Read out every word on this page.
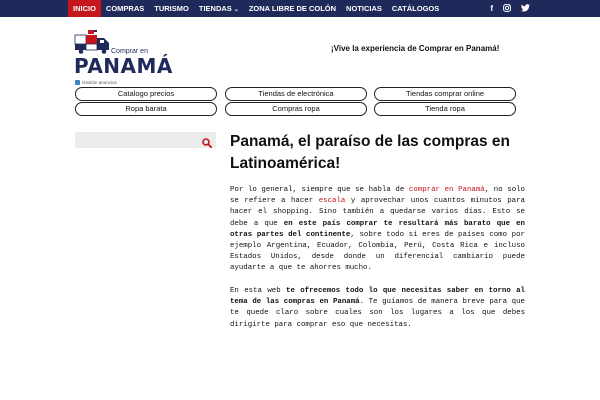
INICIO	COMPRAS	TURISMO	TIENDAS ⌄	ZONA LIBRE DE COLÓN	NOTICIAS	CATÁLOGOS	f
Comprar en
PANAMÁ
¡Vive la experiencia de Comprar en Panamá!
Gestión anuncios
Catalogo precios	Tiendas de electrónica	Tiendas comprar online
Ropa barata	Compras ropa	Tienda ropa
Panamá, el paraíso de las compras en Latinoamérica!

Por lo general, siempre que se habla de comprar en Panamá, no solo se refiere a hacer escala y aprovechar unos cuantos minutos para hacer el shopping. Sino también a quedarse varios días. Esto se debe a que en este país comprar te resultará más barato que en otras partes del continente, sobre todo si eres de países como por ejemplo Argentina, Ecuador, Colombia, Perú, Costa Rica e incluso Estados Unidos, desde donde un diferencial cambiario puede ayudarte a que te ahorres mucho.

En esta web te ofrecemos todo lo que necesitas saber en torno al tema de las compras en Panamá. Te guiamos de manera breve para que te quede claro sobre cuales son los lugares a los que debes dirigirte para comprar eso que necesitas.
